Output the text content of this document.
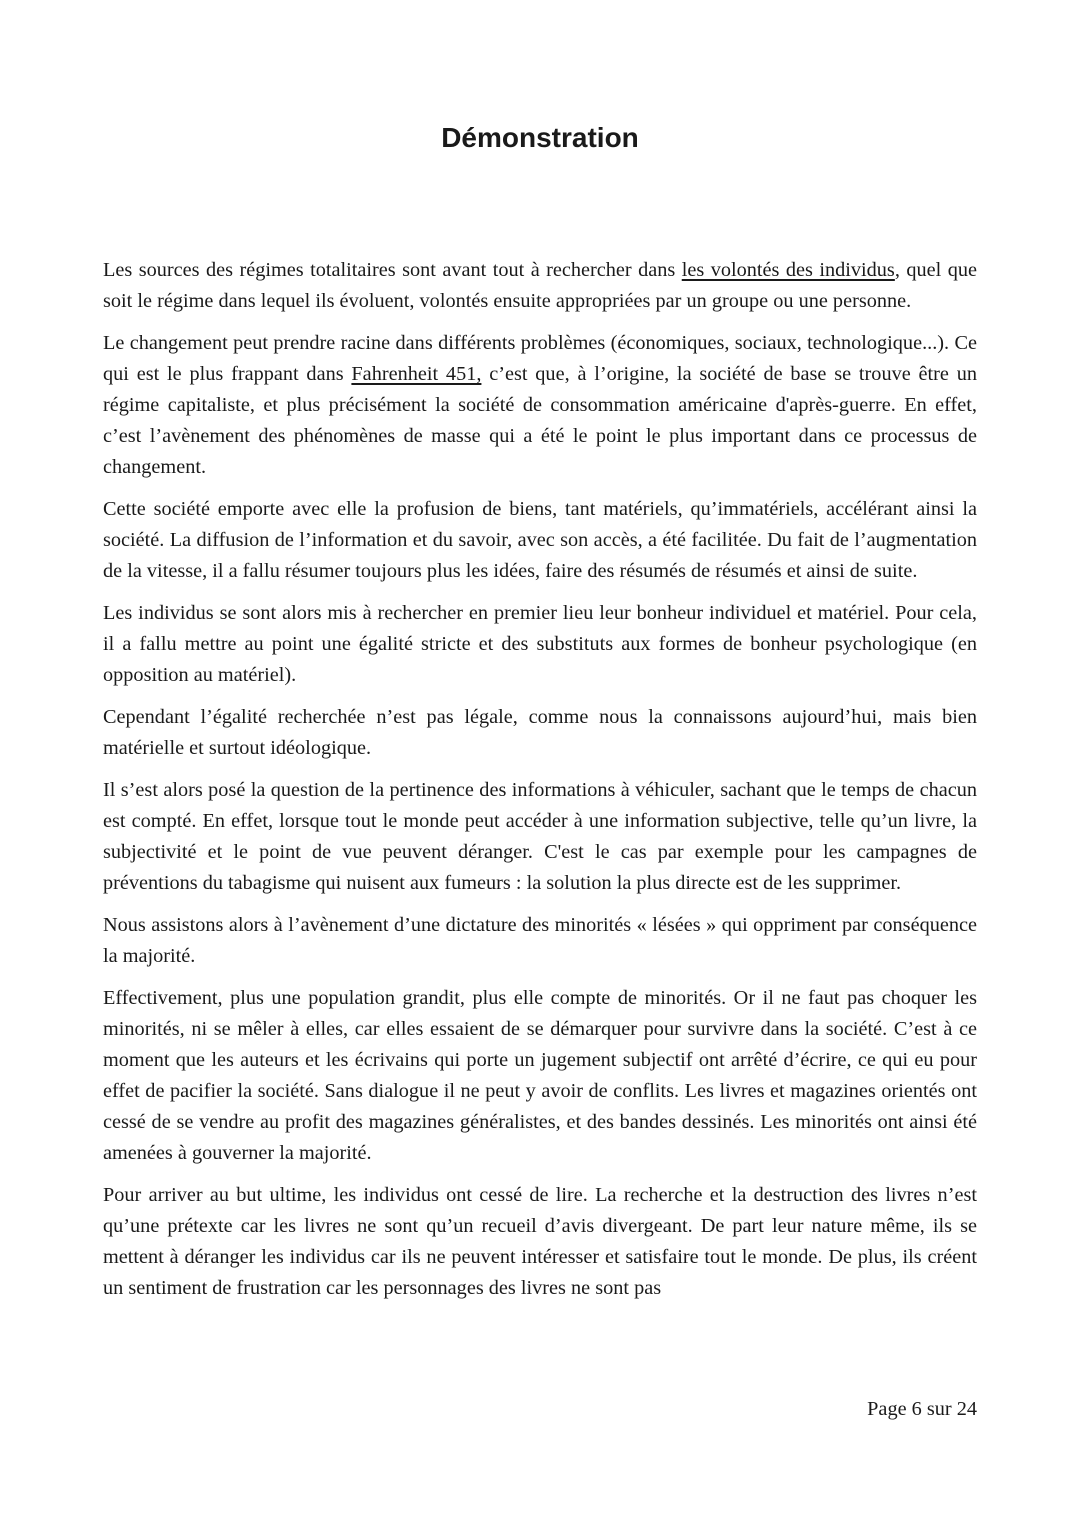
Démonstration

Les sources des régimes totalitaires sont avant tout à rechercher dans les volontés des individus, quel que soit le régime dans lequel ils évoluent, volontés ensuite appropriées par un groupe ou une personne.

Le changement peut prendre racine dans différents problèmes (économiques, sociaux, technologique...). Ce qui est le plus frappant dans Fahrenheit 451, c’est que, à l’origine, la société de base se trouve être un régime capitaliste, et plus précisément la société de consommation américaine d'après-guerre. En effet, c’est l’avènement des phénomènes de masse qui a été le point le plus important dans ce processus de changement.

Cette société emporte avec elle la profusion de biens, tant matériels, qu’immatériels, accélérant ainsi la société. La diffusion de l’information et du savoir, avec son accès, a été facilitée. Du fait de l’augmentation de la vitesse, il a fallu résumer toujours plus les idées, faire des résumés de résumés et ainsi de suite.

Les individus se sont alors mis à rechercher en premier lieu leur bonheur individuel et matériel. Pour cela, il a fallu mettre au point une égalité stricte et des substituts aux formes de bonheur psychologique (en opposition au matériel).

Cependant l’égalité recherchée n’est pas légale, comme nous la connaissons aujourd’hui, mais bien matérielle et surtout idéologique.

Il s’est alors posé la question de la pertinence des informations à véhiculer, sachant que le temps de chacun est compté. En effet, lorsque tout le monde peut accéder à une information subjective, telle qu’un livre, la subjectivité et le point de vue peuvent déranger. C'est le cas par exemple pour les campagnes de préventions du tabagisme qui nuisent aux fumeurs : la solution la plus directe est de les supprimer.

Nous assistons alors à l’avènement d’une dictature des minorités « lésées » qui oppriment par conséquence la majorité.

Effectivement, plus une population grandit, plus elle compte de minorités. Or il ne faut pas choquer les minorités, ni se mêler à elles, car elles essaient de se démarquer pour survivre dans la société. C’est à ce moment que les auteurs et les écrivains qui porte un jugement subjectif ont arrêté d’écrire, ce qui eu pour effet de pacifier la société. Sans dialogue il ne peut y avoir de conflits. Les livres et magazines orientés ont cessé de se vendre au profit des magazines généralistes, et des bandes dessinés. Les minorités ont ainsi été amenées à gouverner la majorité.

Pour arriver au but ultime, les individus ont cessé de lire. La recherche et la destruction des livres n’est qu’une prétexte car les livres ne sont qu’un recueil d’avis divergeant. De part leur nature même, ils se mettent à déranger les individus car ils ne peuvent intéresser et satisfaire tout le monde. De plus, ils créent un sentiment de frustration car les personnages des livres ne sont pas

Page 6 sur 24
